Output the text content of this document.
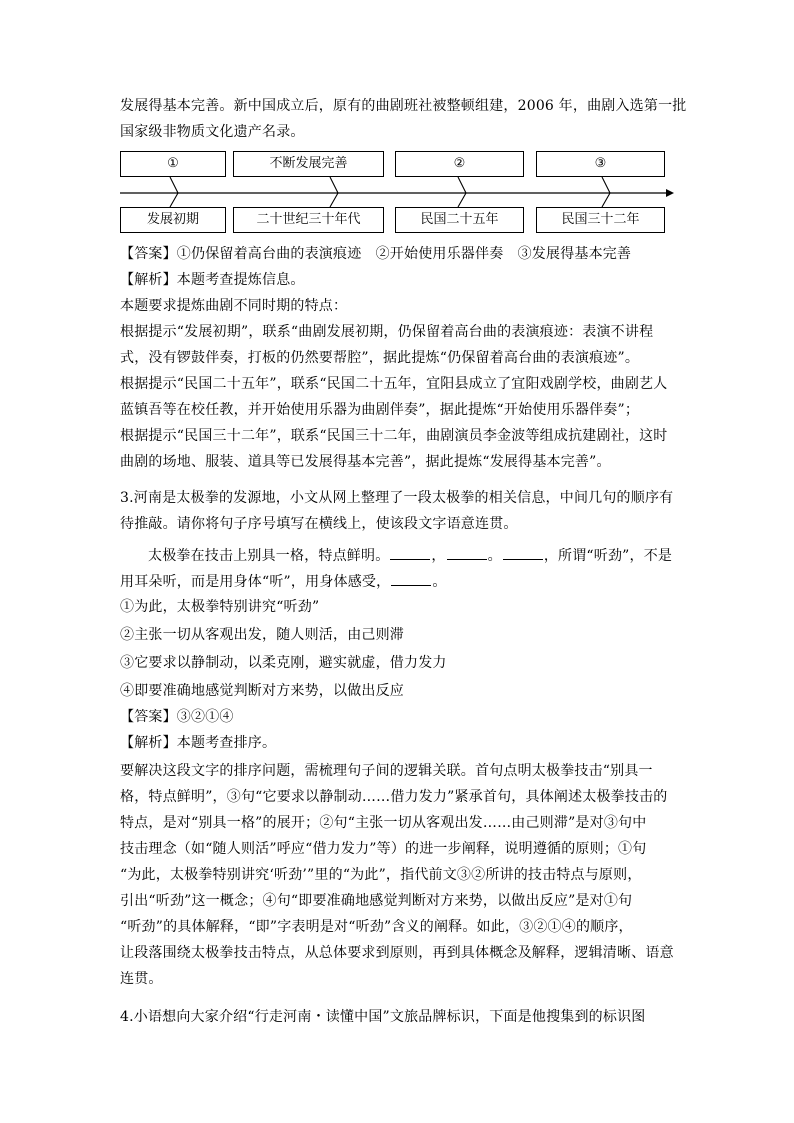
发展得基本完善。新中国成立后，原有的曲剧班社被整顿组建，2006 年，曲剧入选第一批
国家级非物质文化遗产名录。
①	不断发展完善	②	③
发展初期	二十世纪三十年代	民国二十五年	民国三十二年
【答案】①仍保留着高台曲的表演痕迹　②开始使用乐器伴奏　③发展得基本完善
【解析】本题考查提炼信息。
本题要求提炼曲剧不同时期的特点：
根据提示“发展初期”，联系“曲剧发展初期，仍保留着高台曲的表演痕迹：表演不讲程
式，没有锣鼓伴奏，打板的仍然要帮腔”，据此提炼“仍保留着高台曲的表演痕迹”。
根据提示“民国二十五年”，联系“民国二十五年，宜阳县成立了宜阳戏剧学校，曲剧艺人
蓝镇吾等在校任教，并开始使用乐器为曲剧伴奏”，据此提炼“开始使用乐器伴奏”；
根据提示“民国三十二年”，联系“民国三十二年，曲剧演员李金波等组成抗建剧社，这时
曲剧的场地、服装、道具等已发展得基本完善”，据此提炼“发展得基本完善”。
3.河南是太极拳的发源地，小文从网上整理了一段太极拳的相关信息，中间几句的顺序有
待推敲。请你将句子序号填写在横线上，使该段文字语意连贯。
太极拳在技击上别具一格，特点鲜明。	，	。	，所谓“听劲”，不是
用耳朵听，而是用身体“听”，用身体感受，	。
①为此，太极拳特别讲究“听劲”
②主张一切从客观出发，随人则活，由己则滞
③它要求以静制动，以柔克刚，避实就虚，借力发力
④即要准确地感觉判断对方来势，以做出反应
【答案】③②①④
【解析】本题考查排序。
要解决这段文字的排序问题，需梳理句子间的逻辑关联。首句点明太极拳技击“别具一
格，特点鲜明”，③句“它要求以静制动……借力发力”紧承首句，具体阐述太极拳技击的
特点，是对“别具一格”的展开；②句“主张一切从客观出发……由己则滞”是对③句中
技击理念（如“随人则活”呼应“借力发力”等）的进一步阐释，说明遵循的原则；①句
“为此，太极拳特别讲究‘听劲’”里的“为此”，指代前文③②所讲的技击特点与原则，
引出“听劲”这一概念；④句“即要准确地感觉判断对方来势，以做出反应”是对①句
“听劲”的具体解释，“即”字表明是对“听劲”含义的阐释。如此，③②①④的顺序，
让段落围绕太极拳技击特点，从总体要求到原则，再到具体概念及解释，逻辑清晰、语意
连贯。
4.小语想向大家介绍“行走河南・读懂中国”文旅品牌标识，下面是他搜集到的标识图
